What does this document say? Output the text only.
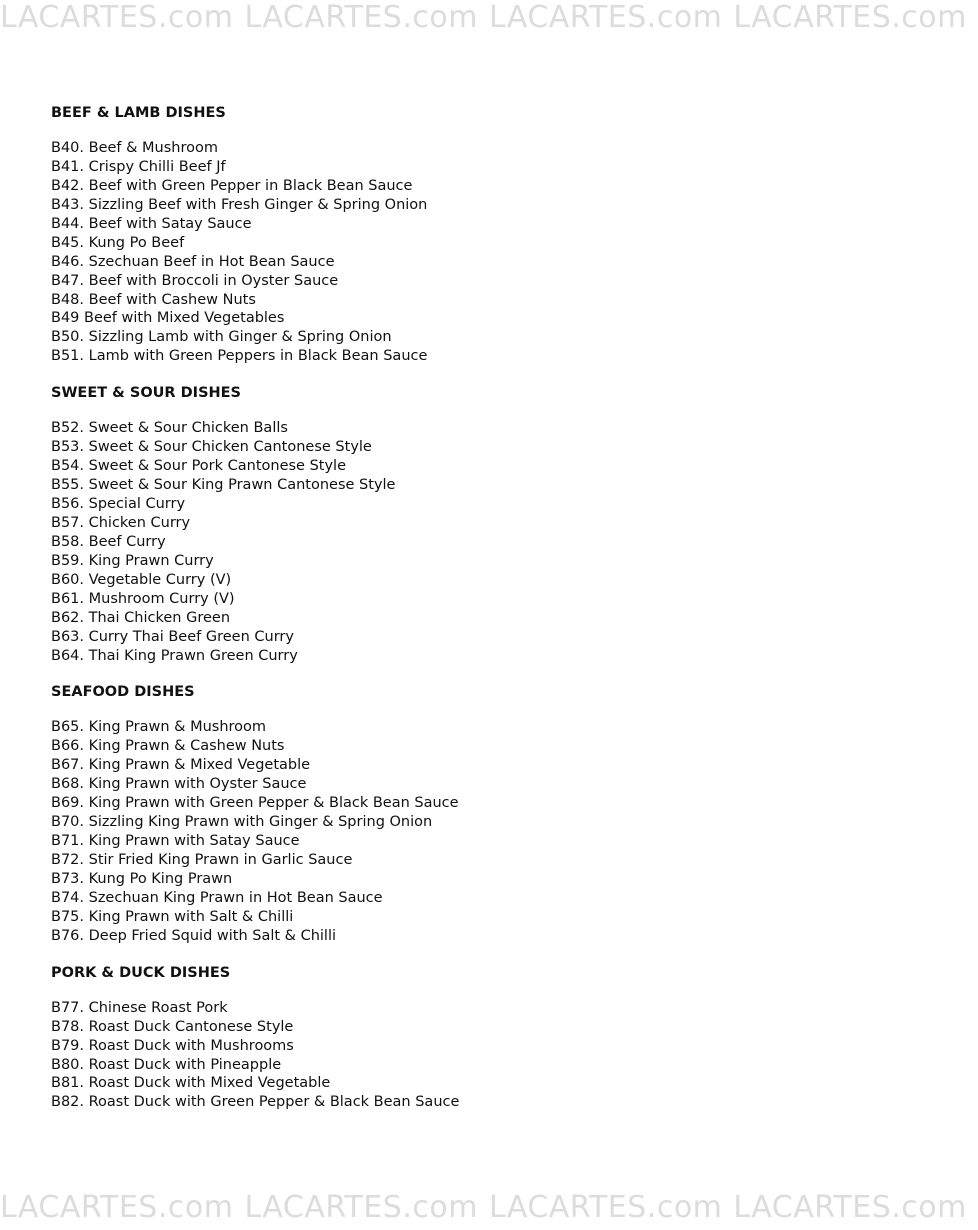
LACARTES.com LACARTES.com LACARTES.com LACARTES.com
BEEF & LAMB DISHES
B40. Beef & Mushroom
B41. Crispy Chilli Beef Jf
B42. Beef with Green Pepper in Black Bean Sauce
B43. Sizzling Beef with Fresh Ginger & Spring Onion
B44. Beef with Satay Sauce
B45. Kung Po Beef
B46. Szechuan Beef in Hot Bean Sauce
B47. Beef with Broccoli in Oyster Sauce
B48. Beef with Cashew Nuts
B49 Beef with Mixed Vegetables
B50. Sizzling Lamb with Ginger & Spring Onion
B51. Lamb with Green Peppers in Black Bean Sauce
SWEET & SOUR DISHES
B52. Sweet & Sour Chicken Balls
B53. Sweet & Sour Chicken Cantonese Style
B54. Sweet & Sour Pork Cantonese Style
B55. Sweet & Sour King Prawn Cantonese Style
B56. Special Curry
B57. Chicken Curry
B58. Beef Curry
B59. King Prawn Curry
B60. Vegetable Curry (V)
B61. Mushroom Curry (V)
B62. Thai Chicken Green
B63. Curry Thai Beef Green Curry
B64. Thai King Prawn Green Curry
SEAFOOD DISHES
B65. King Prawn & Mushroom
B66. King Prawn & Cashew Nuts
B67. King Prawn & Mixed Vegetable
B68. King Prawn with Oyster Sauce
B69. King Prawn with Green Pepper & Black Bean Sauce
B70. Sizzling King Prawn with Ginger & Spring Onion
B71. King Prawn with Satay Sauce
B72. Stir Fried King Prawn in Garlic Sauce
B73. Kung Po King Prawn
B74. Szechuan King Prawn in Hot Bean Sauce
B75. King Prawn with Salt & Chilli
B76. Deep Fried Squid with Salt & Chilli
PORK & DUCK DISHES
B77. Chinese Roast Pork
B78. Roast Duck Cantonese Style
B79. Roast Duck with Mushrooms
B80. Roast Duck with Pineapple
B81. Roast Duck with Mixed Vegetable
B82. Roast Duck with Green Pepper & Black Bean Sauce
LACARTES.com LACARTES.com LACARTES.com LACARTES.com
